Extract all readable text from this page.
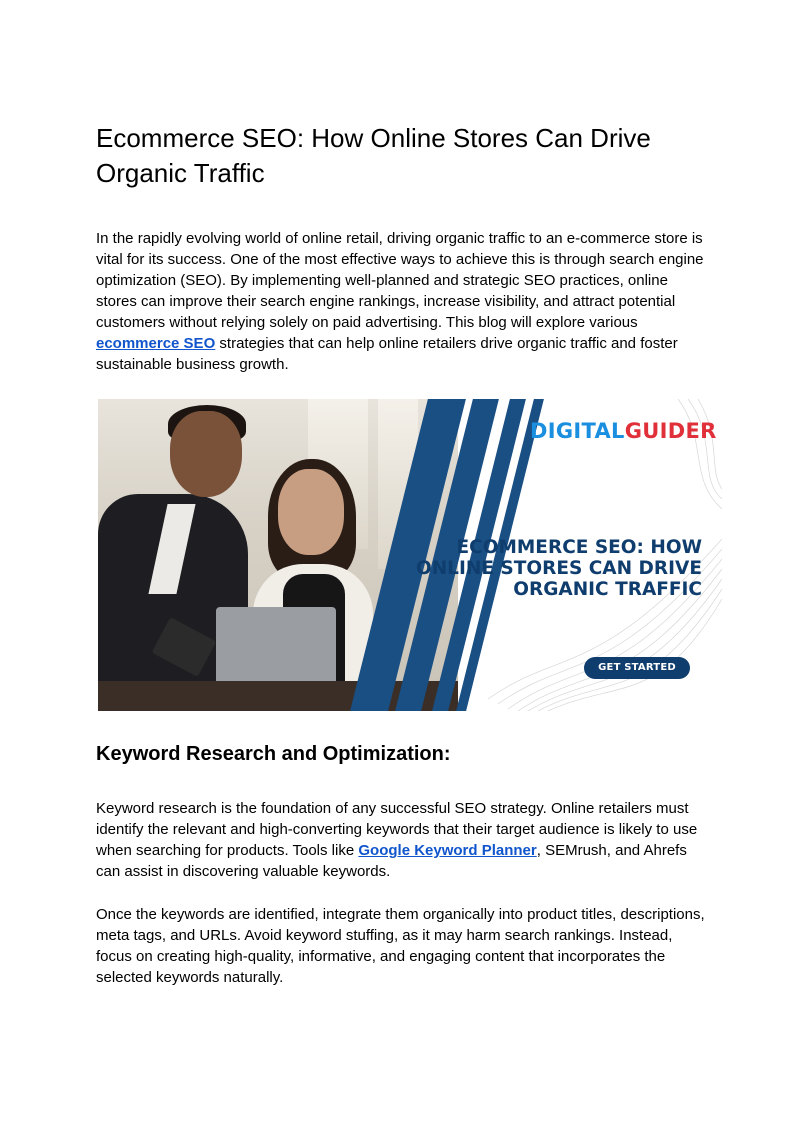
Ecommerce SEO: How Online Stores Can Drive Organic Traffic

In the rapidly evolving world of online retail, driving organic traffic to an e-commerce store is vital for its success. One of the most effective ways to achieve this is through search engine optimization (SEO). By implementing well-planned and strategic SEO practices, online stores can improve their search engine rankings, increase visibility, and attract potential customers without relying solely on paid advertising. This blog will explore various ecommerce SEO strategies that can help online retailers drive organic traffic and foster sustainable business growth.

Keyword Research and Optimization:

Keyword research is the foundation of any successful SEO strategy. Online retailers must identify the relevant and high-converting keywords that their target audience is likely to use when searching for products. Tools like Google Keyword Planner, SEMrush, and Ahrefs can assist in discovering valuable keywords.

Once the keywords are identified, integrate them organically into product titles, descriptions, meta tags, and URLs. Avoid keyword stuffing, as it may harm search rankings. Instead, focus on creating high-quality, informative, and engaging content that incorporates the selected keywords naturally.

DIGITALGUIDER
ECOMMERCE SEO: HOW
ONLINE STORES CAN DRIVE
ORGANIC TRAFFIC
GET STARTED
